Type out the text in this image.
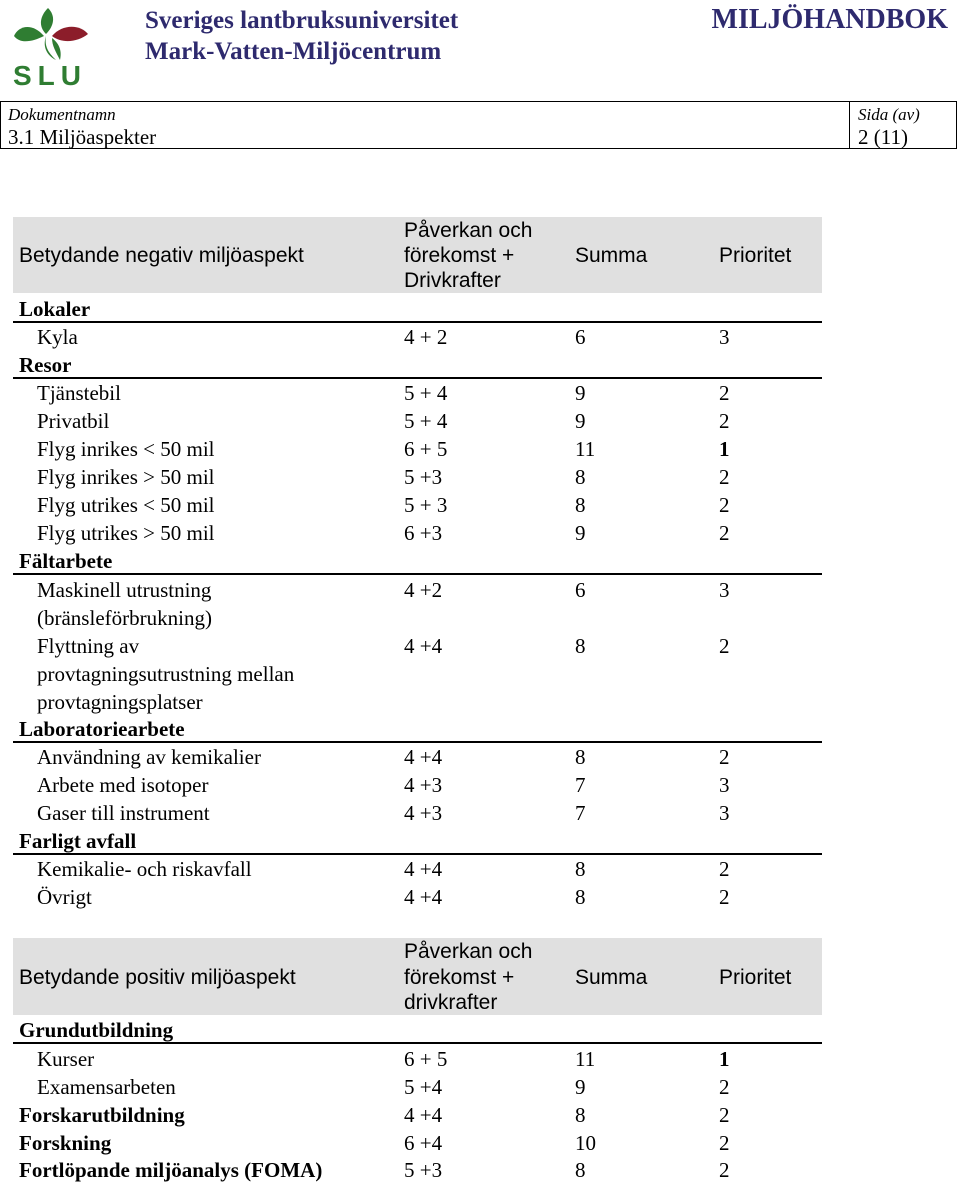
SLU
Sveriges lantbruksuniversitet
Mark-Vatten-Miljöcentrum
MILJÖHANDBOK
Dokumentnamn
3.1 Miljöaspekter
Sida (av)
2 (11)
Betydande negativ miljöaspekt
Påverkan och
förekomst +
Drivkrafter
Summa	Prioritet
Lokaler
Kyla	4 + 2	6	3
Resor
Tjänstebil	5 + 4	9	2
Privatbil	5 + 4	9	2
Flyg inrikes < 50 mil	6 + 5	11	1
Flyg inrikes > 50 mil	5 +3	8	2
Flyg utrikes < 50 mil	5 + 3	8	2
Flyg utrikes > 50 mil	6 +3	9	2
Fältarbete
Maskinell utrustning
(bränsleförbrukning)
4 +2	6	3
Flyttning av
provtagningsutrustning mellan
provtagningsplatser
4 +4	8	2
Laboratoriearbete
Användning av kemikalier	4 +4	8	2
Arbete med isotoper	4 +3	7	3
Gaser till instrument	4 +3	7	3
Farligt avfall
Kemikalie- och riskavfall	4 +4	8	2
Övrigt	4 +4	8	2
Betydande positiv miljöaspekt
Påverkan och
förekomst +
drivkrafter
Summa	Prioritet
Grundutbildning
Kurser	6 + 5	11	1
Examensarbeten	5 +4	9	2
Forskarutbildning	4 +4	8	2
Forskning	6 +4	10	2
Fortlöpande miljöanalys (FOMA)	5 +3	8	2
